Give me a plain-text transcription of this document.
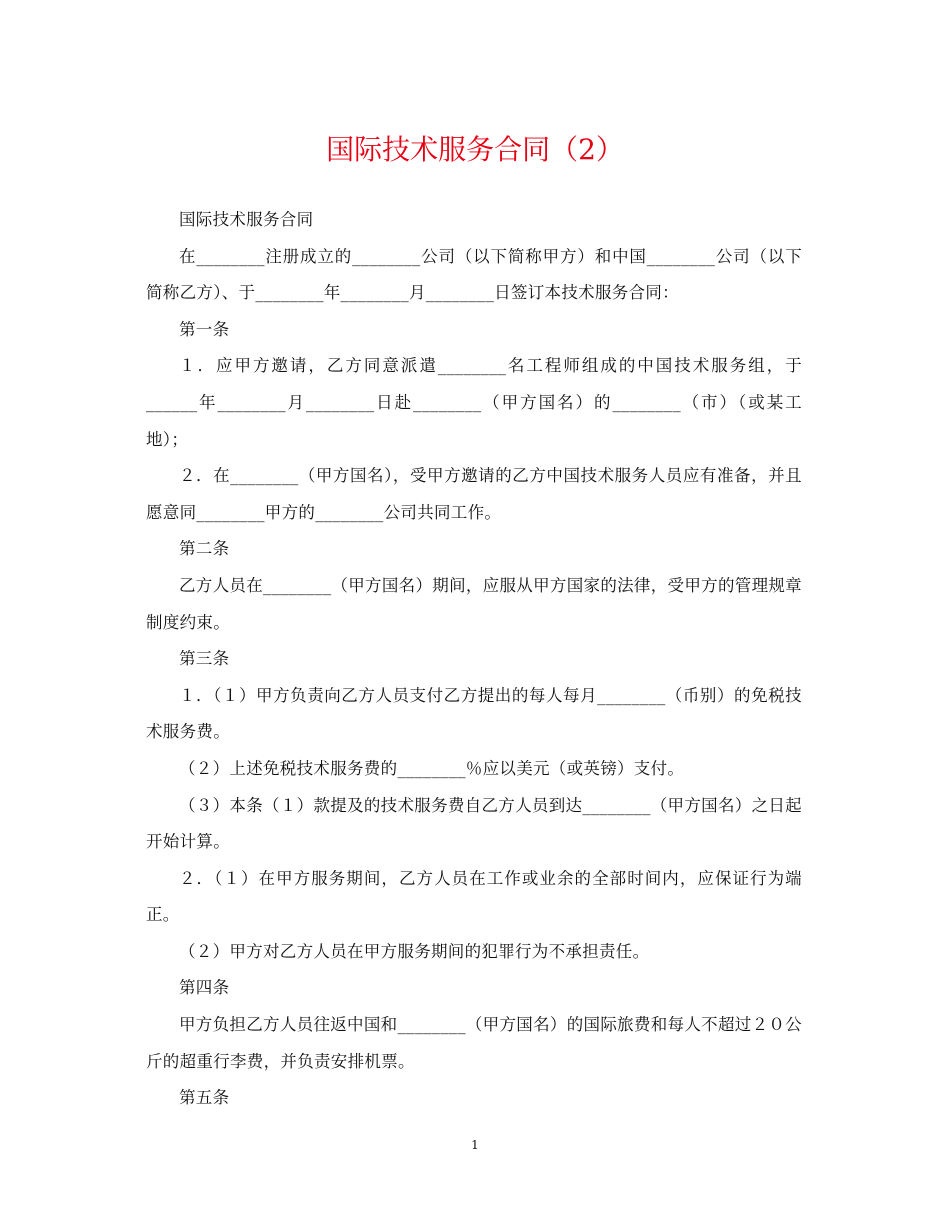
国际技术服务合同（2）

国际技术服务合同

在________注册成立的________公司（以下简称甲方）和中国________公司（以下简称乙方）、于________年________月________日签订本技术服务合同：

第一条

１．应甲方邀请，乙方同意派遣________名工程师组成的中国技术服务组，于______年________月________日赴________（甲方国名）的________（市）（或某工地）；

２．在________（甲方国名），受甲方邀请的乙方中国技术服务人员应有准备，并且愿意同________甲方的________公司共同工作。

第二条

乙方人员在________（甲方国名）期间，应服从甲方国家的法律，受甲方的管理规章制度约束。

第三条

１．（１）甲方负责向乙方人员支付乙方提出的每人每月________（币别）的免税技术服务费。

（２）上述免税技术服务费的________％应以美元（或英镑）支付。

（３）本条（１）款提及的技术服务费自乙方人员到达________（甲方国名）之日起开始计算。

２．（１）在甲方服务期间，乙方人员在工作或业余的全部时间内，应保证行为端正。

（２）甲方对乙方人员在甲方服务期间的犯罪行为不承担责任。

第四条

甲方负担乙方人员往返中国和________（甲方国名）的国际旅费和每人不超过２０公斤的超重行李费，并负责安排机票。

第五条

1
